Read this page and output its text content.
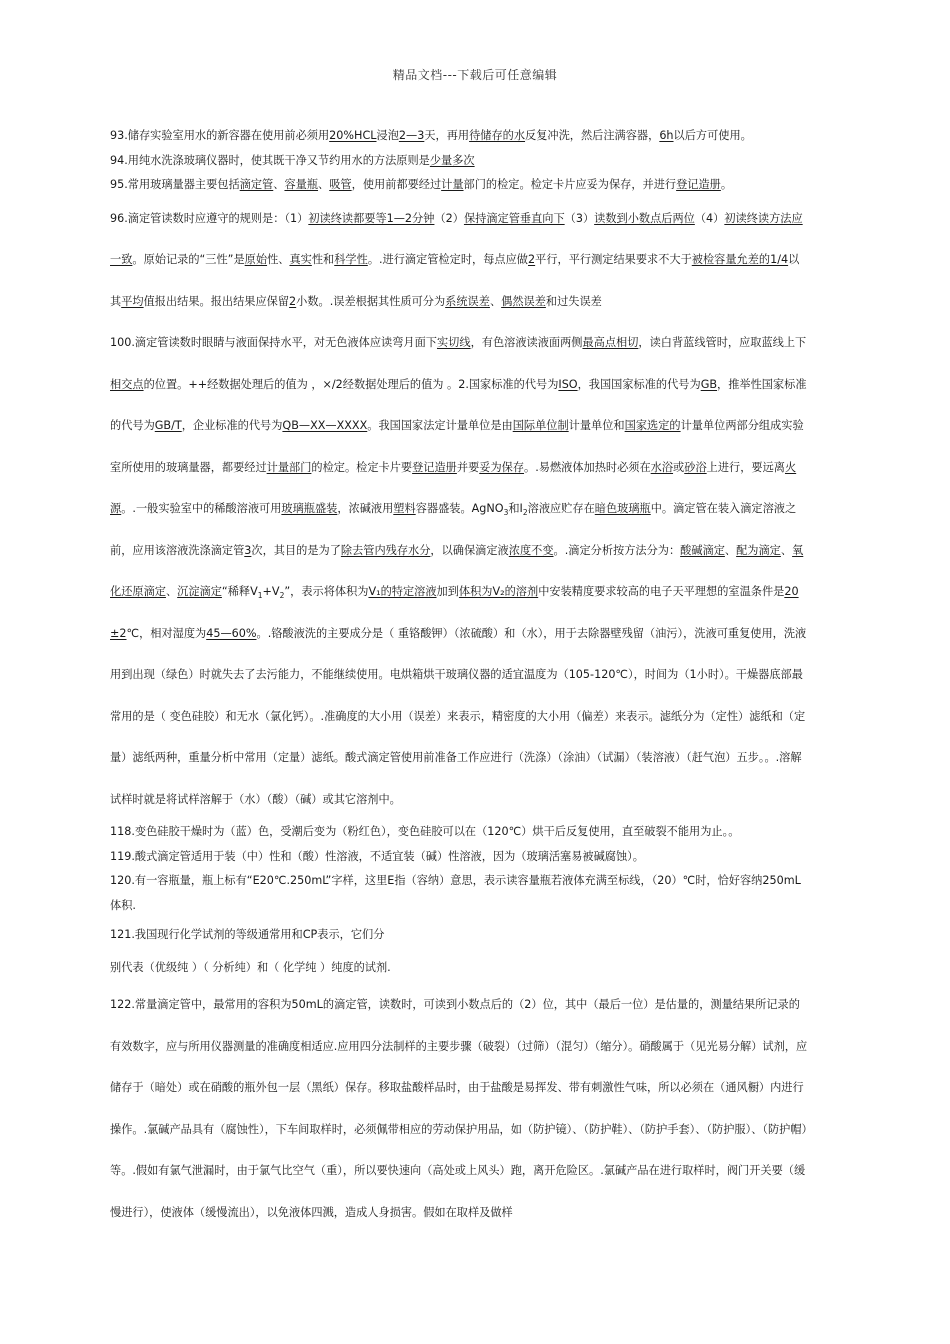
精品文档---下载后可任意编辑

93.储存实验室用水的新容器在使用前必须用20%HCL浸泡2—3天，再用待储存的水反复冲洗，然后注满容器，6h以后方可使用。

94.用纯水洗涤玻璃仪器时，使其既干净又节约用水的方法原则是少量多次

95.常用玻璃量器主要包括滴定管、容量瓶、吸管，使用前都要经过计量部门的检定。检定卡片应妥为保存，并进行登记造册。

96.滴定管读数时应遵守的规则是：（1）初读终读都要等1—2分钟（2）保持滴定管垂直向下（3）读数到小数点后两位（4）初读终读方法应一致。原始记录的“三性”是原始性、真实性和科学性。.进行滴定管检定时，每点应做2平行，平行测定结果要求不大于被检容量允差的1/4以其平均值报出结果。报出结果应保留2小数。.误差根据其性质可分为系统误差、偶然误差和过失误差

100.滴定管读数时眼睛与液面保持水平，对无色液体应读弯月面下实切线，有色溶液读液面两侧最高点相切，读白背蓝线管时，应取蓝线上下相交点的位置。++经数据处理后的值为 ，×/2经数据处理后的值为 。2.国家标准的代号为ISO，我国国家标准的代号为GB，推举性国家标准的代号为GB/T，企业标准的代号为QB—XX—XXXX。我国国家法定计量单位是由国际单位制计量单位和国家选定的计量单位两部分组成实验室所使用的玻璃量器，都要经过计量部门的检定。检定卡片要登记造册并要妥为保存。.易燃液体加热时必须在水浴或砂浴上进行，要远离火源。.一般实验室中的稀酸溶液可用玻璃瓶盛装，浓碱液用塑料容器盛装。AgNO$_3$和$I_2$溶液应贮存在暗色玻璃瓶中。滴定管在装入滴定溶液之前，应用该溶液洗涤滴定管3次，其目的是为了除去管内残存水分，以确保滴定液浓度不变。.滴定分析按方法分为：酸碱滴定、配为滴定、氧化还原滴定、沉淀滴定“稀释$V_1+V_2$”，表示将体积为V₁的特定溶液加到体积为V₂的溶剂中安装精度要求较高的电子天平理想的室温条件是20±2℃，相对湿度为45—60%。.铬酸液洗的主要成分是（ 重铬酸钾）（浓硫酸）和（水），用于去除器壁残留（油污），洗液可重复使用，洗液用到出现（绿色）时就失去了去污能力，不能继续使用。电烘箱烘干玻璃仪器的适宜温度为（105-120℃），时间为（1小时）。干燥器底部最常用的是（ 变色硅胶）和无水（氯化钙）。.准确度的大小用（误差）来表示，精密度的大小用（偏差）来表示。滤纸分为（定性）滤纸和（定量）滤纸两种，重量分析中常用（定量）滤纸。酸式滴定管使用前准备工作应进行（洗涤）（涂油）（试漏）（装溶液）（赶气泡）五步。。.溶解试样时就是将试样溶解于（水）（酸）（碱）或其它溶剂中。

118.变色硅胶干燥时为（蓝）色，受潮后变为（粉红色），变色硅胶可以在（120℃）烘干后反复使用，直至破裂不能用为止。。

119.酸式滴定管适用于装（中）性和（酸）性溶液，不适宜装（碱）性溶液，因为（玻璃活塞易被碱腐蚀）。

120.有一容瓶量，瓶上标有“E20℃.250mL”字样，这里E指（容纳）意思，表示读容量瓶若液体充满至标线，（20）℃时，恰好容纳250mL体积.

121.我国现行化学试剂的等级通常用和CP表示，它们分

别代表（优级纯 ）（ 分析纯）和（ 化学纯 ）纯度的试剂.

122.常量滴定管中，最常用的容积为50mL的滴定管，读数时，可读到小数点后的（2）位，其中（最后一位）是估量的，测量结果所记录的有效数字，应与所用仪器测量的准确度相适应.应用四分法制样的主要步骤（破裂）（过筛）（混匀）（缩分）。硝酸属于（见光易分解）试剂，应储存于（暗处）或在硝酸的瓶外包一层（黑纸）保存。移取盐酸样品时，由于盐酸是易挥发、带有刺激性气味，所以必须在（通风橱）内进行操作。.氯碱产品具有（腐蚀性），下车间取样时，必须佩带相应的劳动保护用品，如（防护镜）、（防护鞋）、（防护手套）、（防护服）、（防护帽）等。.假如有氯气泄漏时，由于氯气比空气（重），所以要快速向（高处或上风头）跑，离开危险区。.氯碱产品在进行取样时，阀门开关要（缓慢进行），使液体（缓慢流出），以免液体四溅，造成人身损害。假如在取样及做样
